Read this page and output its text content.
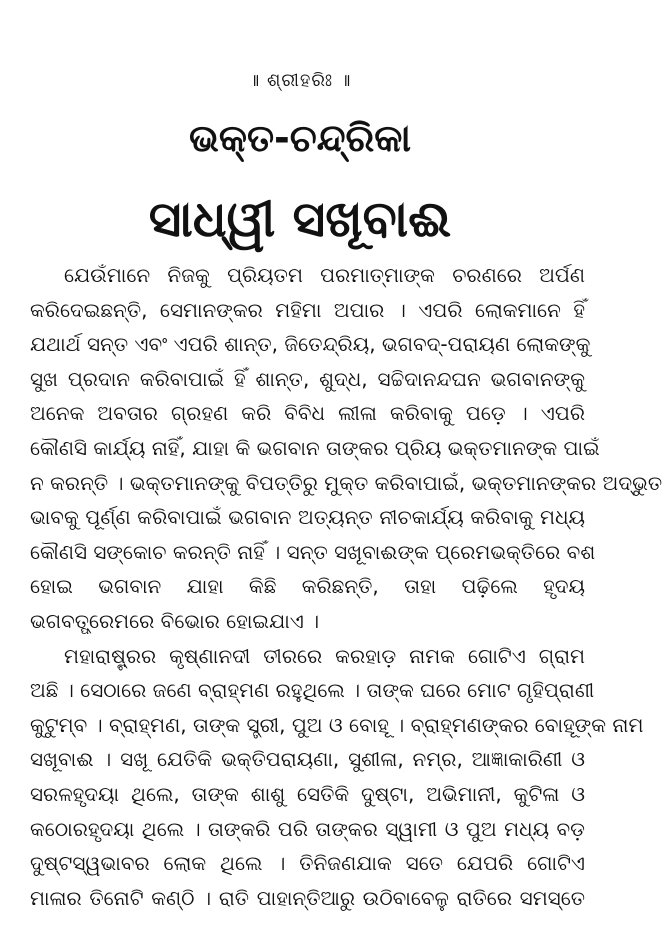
॥ ଶ୍ରୀହରିଃ ॥
ଭକ୍ତ-ଚନ୍ଦ୍ରିକା
ସାଧ୍ୱୀ ସଖୂବାଈ
ଯେଉଁମାନେ ନିଜକୁ ପ୍ରିୟତମ ପରମାତ୍ମାଙ୍କ ଚରଣରେ ଅର୍ପଣ
କରିଦେଇଛନ୍ତି, ସେମାନଙ୍କର ମହିମା ଅପାର । ଏପରି ଲୋକମାନେ ହିଁ
ଯଥାର୍ଥ ସନ୍ତ ଏବଂ ଏପରି ଶାନ୍ତ, ଜିତେନ୍ଦ୍ରିୟ, ଭଗବଦ୍-ପରାୟଣ ଲୋକଙ୍କୁ
ସୁଖ ପ୍ରଦାନ କରିବାପାଇଁ ହିଁ ଶାନ୍ତ, ଶୁଦ୍ଧ, ସଚ୍ଚିଦାନନ୍ଦଘନ ଭଗବାନଙ୍କୁ
ଅନେକ ଅବତାର ଗ୍ରହଣ କରି ବିବିଧ ଲୀଳା କରିବାକୁ ପଡ଼େ । ଏପରି
କୌଣସି କାର୍ଯ୍ୟ ନାହିଁ, ଯାହା କି ଭଗବାନ ତାଙ୍କର ପ୍ରିୟ ଭକ୍ତମାନଙ୍କ ପାଇଁ
ନ କରନ୍ତି । ଭକ୍ତମାନଙ୍କୁ ବିପତ୍ତିରୁ ମୁକ୍ତ କରିବାପାଇଁ, ଭକ୍ତମାନଙ୍କର ଅଦ୍ଭୁତ
ଭାବକୁ ପୂର୍ଣ୍ଣ କରିବାପାଇଁ ଭଗବାନ ଅତ୍ୟନ୍ତ ନୀଚକାର୍ଯ୍ୟ କରିବାକୁ ମଧ୍ୟ
କୌଣସି ସଙ୍କୋଚ କରନ୍ତି ନାହିଁ । ସନ୍ତ ସଖୂବାଈଙ୍କ ପ୍ରେମଭକ୍ତିରେ ବଶ
ହୋଇ ଭଗବାନ ଯାହା କିଛି କରିଛନ୍ତି, ତାହା ପଢ଼ିଲେ ହୃଦୟ
ଭଗବତ୍ପ୍ରେମରେ ବିଭୋର ହୋଇଯାଏ ।
ମହାରାଷ୍ଟ୍ରର କୃଷ୍ଣାନଦୀ ତୀରରେ କରହାଡ଼ ନାମକ ଗୋଟିଏ ଗ୍ରାମ
ଅଛି । ସେଠାରେ ଜଣେ ବ୍ରାହ୍ମଣ ରହୁଥିଲେ । ତାଙ୍କ ଘରେ ମୋଟ ଗୃହିପ୍ରାଣୀ
କୁଟୁମ୍ବ । ବ୍ରାହ୍ମଣ, ତାଙ୍କ ସ୍ତ୍ରୀ, ପୁଅ ଓ ବୋହୂ । ବ୍ରାହ୍ମଣଙ୍କର ବୋହୂଙ୍କ ନାମ
ସଖୂବାଈ । ସଖୂ ଯେତିକି ଭକ୍ତିପରାୟଣା, ସୁଶୀଳା, ନମ୍ର, ଆଜ୍ଞାକାରିଣୀ ଓ
ସରଳହୃଦୟା ଥିଲେ, ତାଙ୍କ ଶାଶୁ ସେତିକି ଦୁଷ୍ଟା, ଅଭିମାନୀ, କୁଟିଳା ଓ
କଠୋରହୃଦୟା ଥିଲେ । ତାଙ୍କରି ପରି ତାଙ୍କର ସ୍ୱାମୀ ଓ ପୁଅ ମଧ୍ୟ ବଡ଼
ଦୁଷ୍ଟସ୍ୱଭାବର ଲୋକ ଥିଲେ । ତିନିଜଣଯାକ ସତେ ଯେପରି ଗୋଟିଏ
ମାଳାର ତିନୋଟି କଣ୍ଠି । ରାତି ପାହାନ୍ତିଆରୁ ଉଠିବାବେଳୁ ରାତିରେ ସମସ୍ତେ
